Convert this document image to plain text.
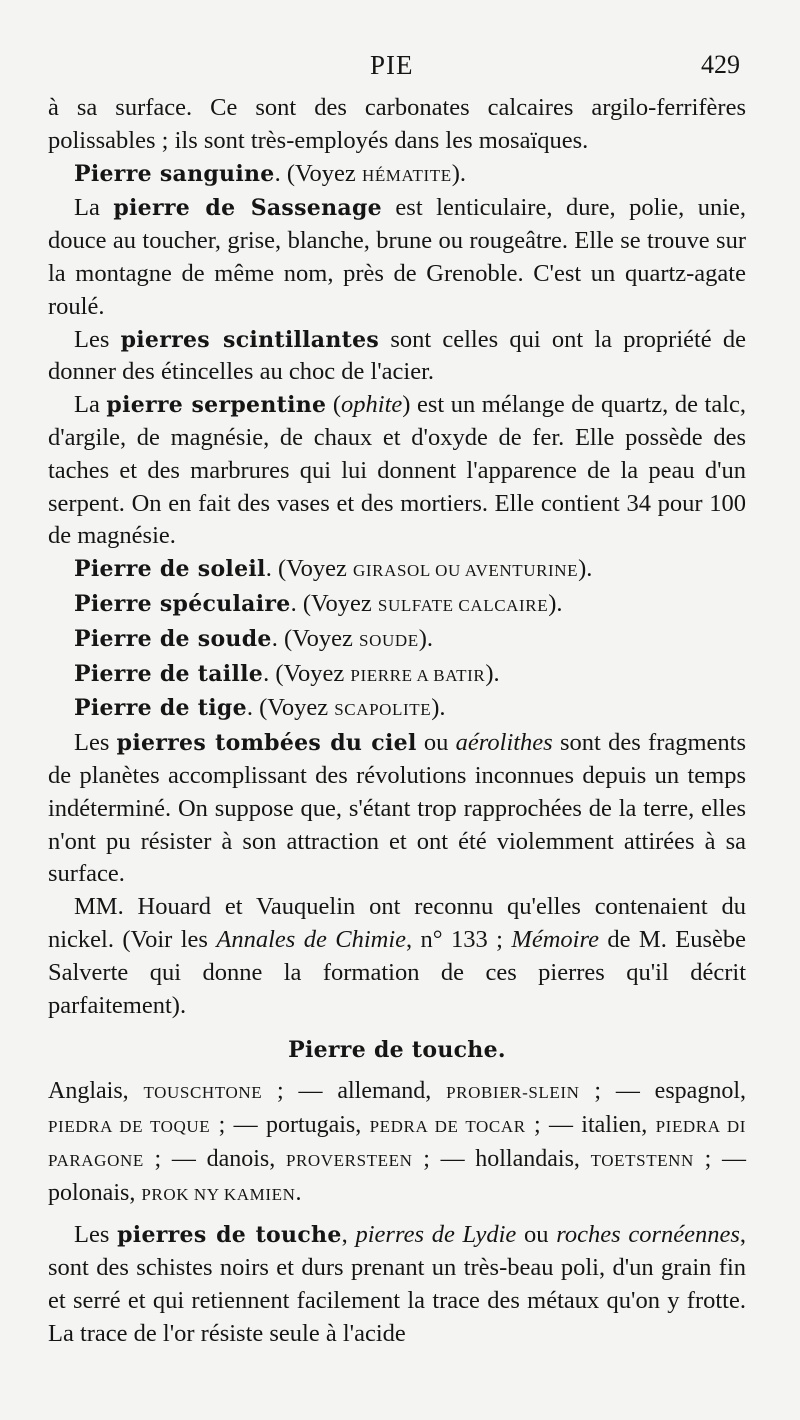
PIE	429

à sa surface. Ce sont des carbonates calcaires argilo-ferrifères polissables ; ils sont très-employés dans les mosaïques.

Pierre sanguine. (Voyez HÉMATITE).

La pierre de Sassenage est lenticulaire, dure, polie, unie, douce au toucher, grise, blanche, brune ou rougeâtre. Elle se trouve sur la montagne de même nom, près de Grenoble. C'est un quartz-agate roulé.

Les pierres scintillantes sont celles qui ont la propriété de donner des étincelles au choc de l'acier.

La pierre serpentine (ophite) est un mélange de quartz, de talc, d'argile, de magnésie, de chaux et d'oxyde de fer. Elle possède des taches et des marbrures qui lui donnent l'apparence de la peau d'un serpent. On en fait des vases et des mortiers. Elle contient 34 pour 100 de magnésie.

Pierre de soleil. (Voyez GIRASOL OU AVENTURINE).

Pierre spéculaire. (Voyez SULFATE CALCAIRE).

Pierre de soude. (Voyez SOUDE).

Pierre de taille. (Voyez PIERRE A BATIR).

Pierre de tige. (Voyez SCAPOLITE).

Les pierres tombées du ciel ou aérolithes sont des fragments de planètes accomplissant des révolutions inconnues depuis un temps indéterminé. On suppose que, s'étant trop rapprochées de la terre, elles n'ont pu résister à son attraction et ont été violemment attirées à sa surface.

MM. Houard et Vauquelin ont reconnu qu'elles contenaient du nickel. (Voir les Annales de Chimie, n° 133 ; Mémoire de M. Eusèbe Salverte qui donne la formation de ces pierres qu'il décrit parfaitement).

Pierre de touche.

Anglais, TOUSCHTONE ; — allemand, PROBIER-SLEIN ; — espagnol, PIEDRA DE TOQUE ; — portugais, PEDRA DE TOCAR ; — italien, PIEDRA DI PARAGONE ; — danois, PROVERSTEEN ; — hollandais, TOETSTENN ; — polonais, PROK NY KAMIEN.

Les pierres de touche, pierres de Lydie ou roches cornéennes, sont des schistes noirs et durs prenant un très-beau poli, d'un grain fin et serré et qui retiennent facilement la trace des métaux qu'on y frotte. La trace de l'or résiste seule à l'acide
